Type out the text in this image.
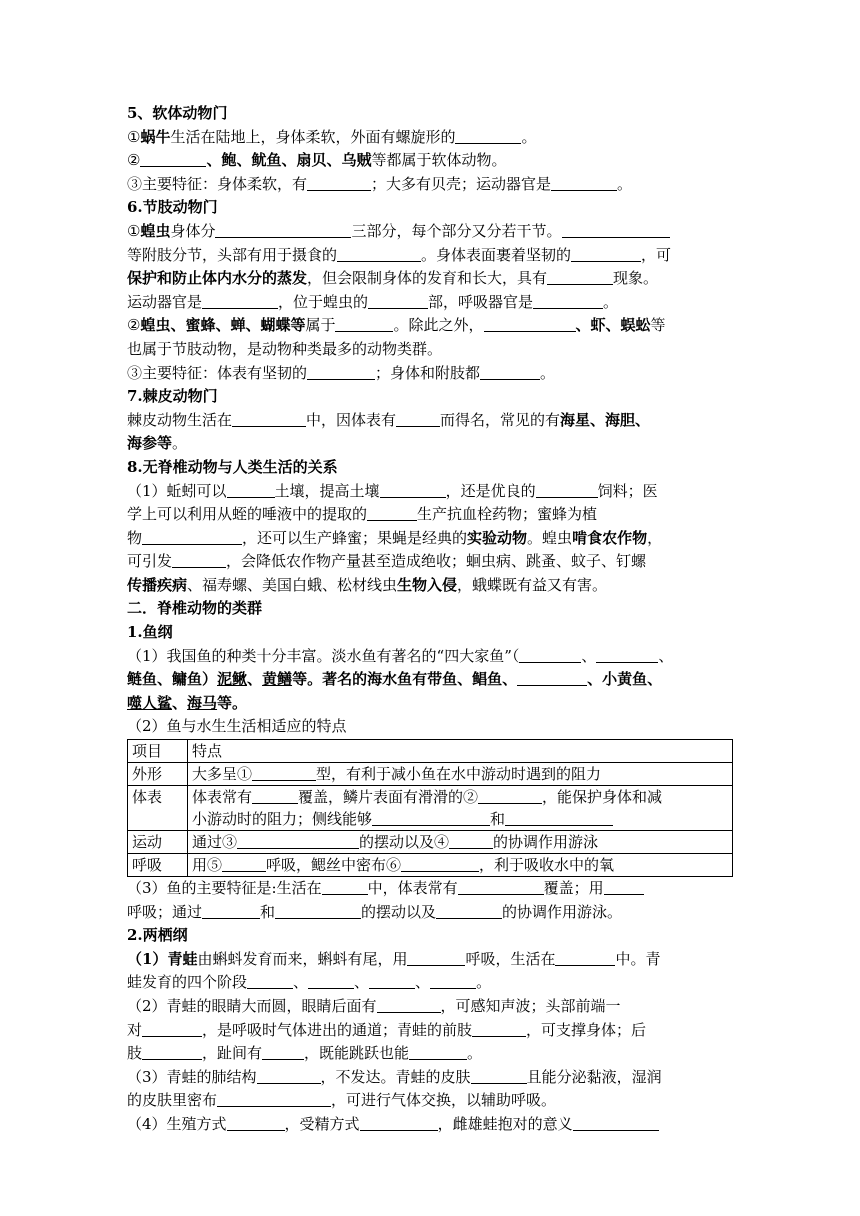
5、软体动物门
①蜗牛生活在陆地上，身体柔软，外面有螺旋形的	。
②	、鲍、鱿鱼、扇贝、乌贼等都属于软体动物。
③主要特征：身体柔软，有	；大多有贝壳；运动器官是	。
6.节肢动物门
①蝗虫身体分	三部分，每个部分又分若干节。
等附肢分节，头部有用于摄食的	。身体表面裹着坚韧的	，可
保护和防止体内水分的蒸发，但会限制身体的发育和长大，具有	现象。
运动器官是	，位于蝗虫的	部，呼吸器官是	。
②蝗虫、蜜蜂、蝉、蝴蝶等属于	。除此之外，	、虾、蜈蚣等
也属于节肢动物，是动物种类最多的动物类群。
③主要特征：体表有坚韧的	；身体和附肢都	。
7.棘皮动物门
棘皮动物生活在	中，因体表有	而得名，常见的有海星、海胆、
海参等。
8.无脊椎动物与人类生活的关系
（1）蚯蚓可以	土壤，提高土壤	，还是优良的	饲料；医
学上可以利用从蛭的唾液中的提取的	生产抗血栓药物；蜜蜂为植
物	，还可以生产蜂蜜；果蝇是经典的实验动物。蝗虫啃食农作物，
可引发	，会降低农作物产量甚至造成绝收；蛔虫病、跳蚤、蚊子、钉螺
传播疾病、福寿螺、美国白蛾、松材线虫生物入侵，蛾蝶既有益又有害。
二．脊椎动物的类群
1.鱼纲
（1）我国鱼的种类十分丰富。淡水鱼有著名的“四大家鱼”（	、	、
鲢鱼、鳙鱼）泥鳅、黄鳝等。著名的海水鱼有带鱼、鲳鱼、	、小黄鱼、
噬人鲨、海马等。
（2）鱼与水生生活相适应的特点
项目	特点
外形	大多呈① 型，有利于减小鱼在水中游动时遇到的阻力
体表	体表常有 覆盖，鳞片表面有滑滑的② ，能保护身体和减
小游动时的阻力；侧线能够 和

运动	通过③ 的摆动以及④ 的协调作用游泳
呼吸	用⑤ 呼吸，鳃丝中密布⑥ ，利于吸收水中的氧
（3）鱼的主要特征是:生活在	中，体表常有	覆盖；用
呼吸；通过	和	的摆动以及	的协调作用游泳。
2.两栖纲
（1）青蛙由蝌蚪发育而来，蝌蚪有尾，用	呼吸，生活在	中。青
蛙发育的四个阶段	、	、	、	。
（2）青蛙的眼睛大而圆，眼睛后面有	，可感知声波；头部前端一
对	，是呼吸时气体进出的通道；青蛙的前肢	，可支撑身体；后
肢	，趾间有	，既能跳跃也能	。
（3）青蛙的肺结构	，不发达。青蛙的皮肤	且能分泌黏液，湿润
的皮肤里密布	，可进行气体交换，以辅助呼吸。
（4）生殖方式	，受精方式	，雌雄蛙抱对的意义
